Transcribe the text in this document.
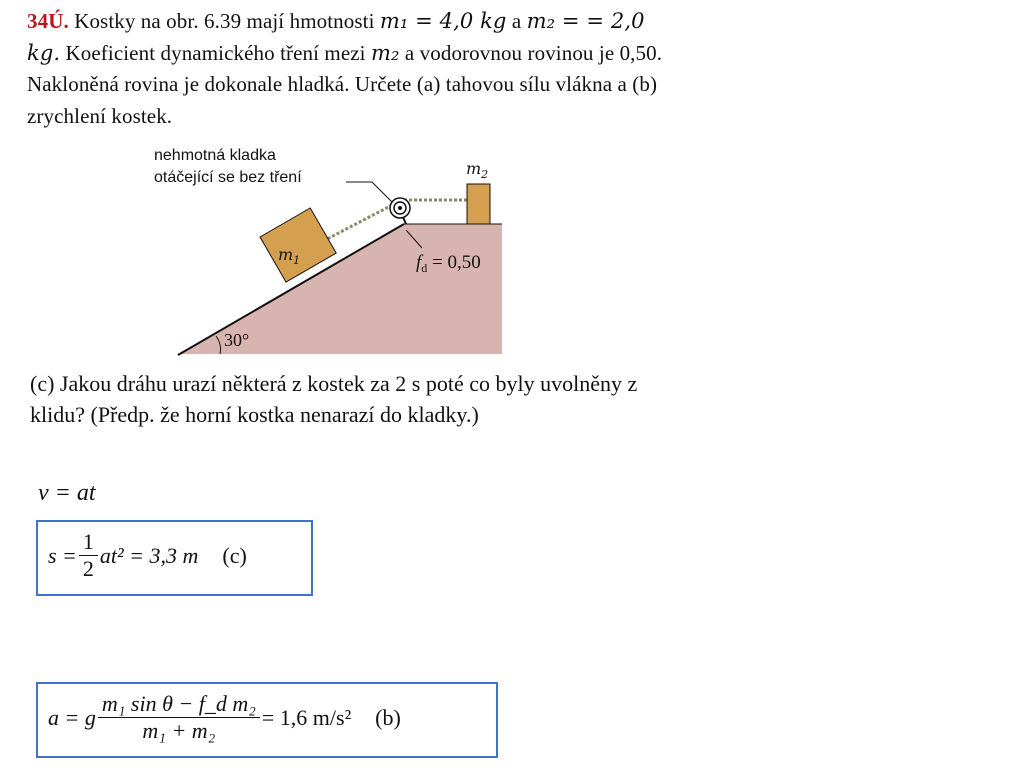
34Ú. Kostky na obr. 6.39 mají hmotnosti m₁ = 4,0 kg a m₂ = = 2,0 kg. Koeficient dynamického tření mezi m₂ a vodorovnou rovinou je 0,50. Nakloněná rovina je dokonale hladká. Určete (a) tahovou sílu vlákna a (b) zrychlení kostek.
nehmotná kladka
otáčející se bez tření	$m_2$
$m_1$	$f_d = 0,50$
30°
(c) Jakou dráhu urazí některá z kostek za 2 s poté co byly uvolněny z klidu? (Předp. že horní kostka nenarazí do kladky.)
v = at
$s = \frac{1}{2} at^2 = 3,3$ m (c)
a = g $\frac{\text{m₁ sin θ − f\_d m₂}}{\text{m₁ + m₂}} = 1,6$ m/s² (b)
